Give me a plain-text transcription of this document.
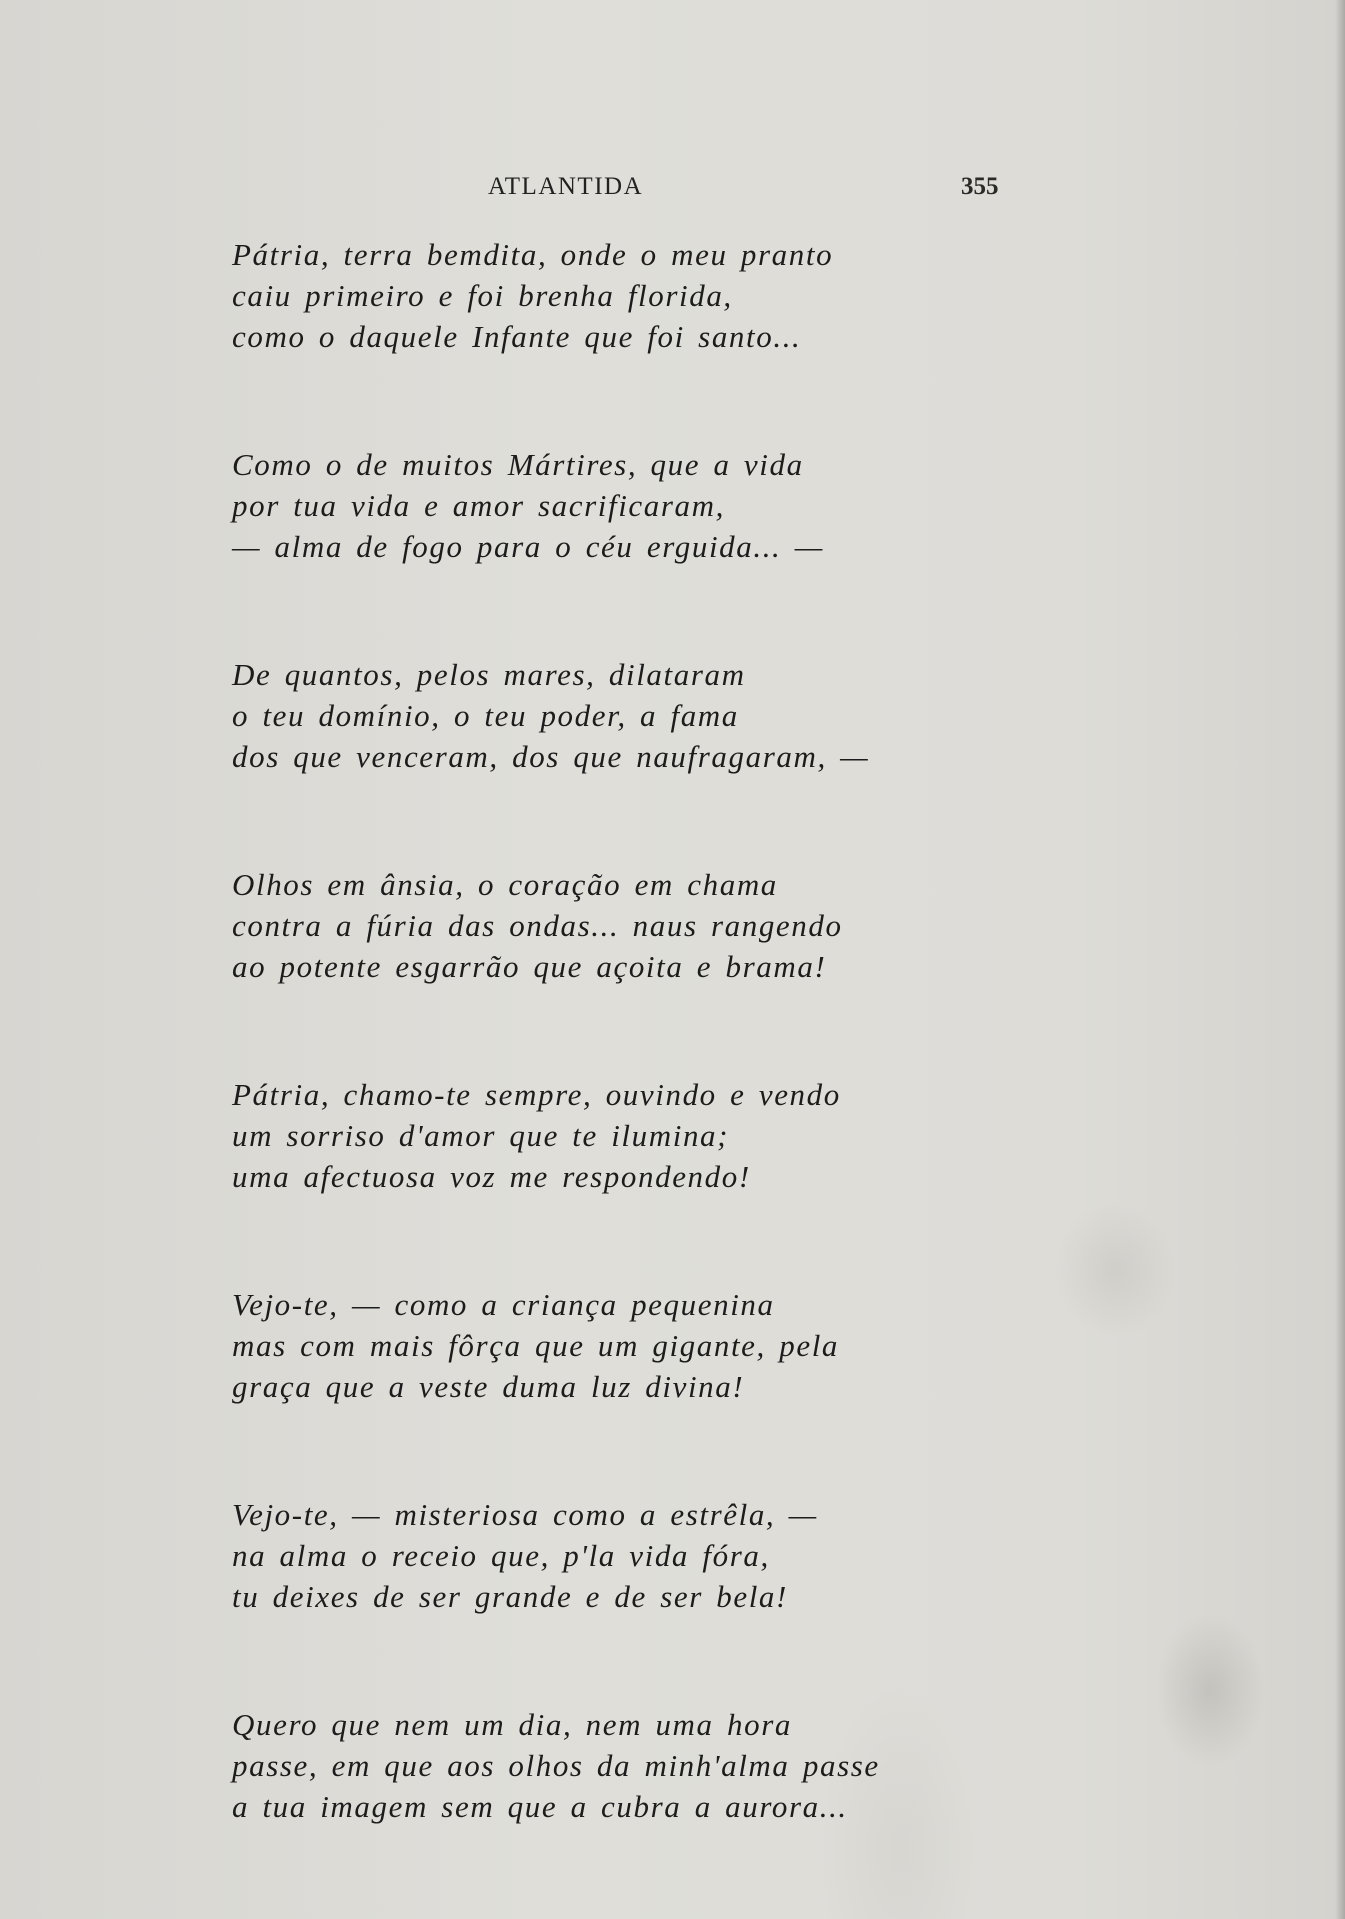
ATLANTIDA	355
Pátria, terra bemdita, onde o meu pranto
caiu primeiro e foi brenha florida,
como o daquele Infante que foi santo...
Como o de muitos Mártires, que a vida
por tua vida e amor sacrificaram,
— alma de fogo para o céu erguida... —
De quantos, pelos mares, dilataram
o teu domínio, o teu poder, a fama
dos que venceram, dos que naufragaram, —
Olhos em ânsia, o coração em chama
contra a fúria das ondas... naus rangendo
ao potente esgarrão que açoita e brama!
Pátria, chamo-te sempre, ouvindo e vendo
um sorriso d'amor que te ilumina;
uma afectuosa voz me respondendo!
Vejo-te, — como a criança pequenina
mas com mais fôrça que um gigante, pela
graça que a veste duma luz divina!
Vejo-te, — misteriosa como a estrêla, —
na alma o receio que, p'la vida fóra,
tu deixes de ser grande e de ser bela!
Quero que nem um dia, nem uma hora
passe, em que aos olhos da minh'alma passe
a tua imagem sem que a cubra a aurora...
